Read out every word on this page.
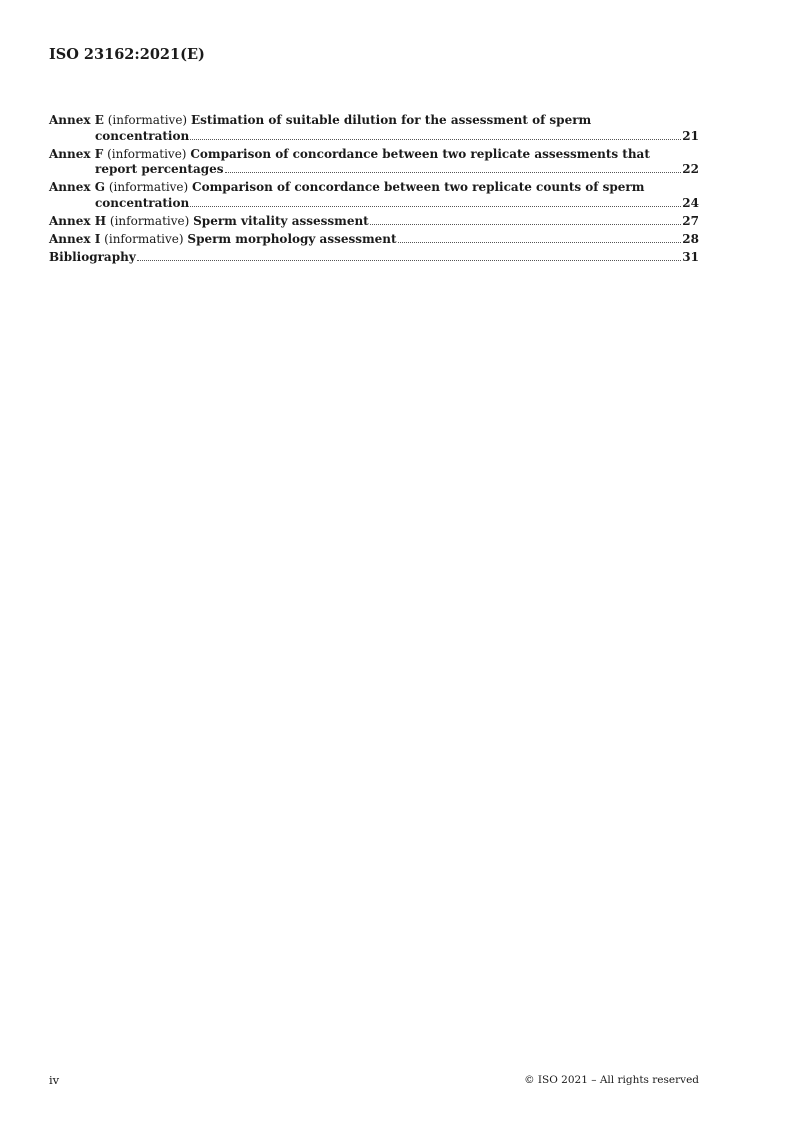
ISO 23162:2021(E)
Annex E (informative) Estimation of suitable dilution for the assessment of sperm
concentration	21
Annex F (informative) Comparison of concordance between two replicate assessments that
report percentages	22
Annex G (informative) Comparison of concordance between two replicate counts of sperm
concentration	24
Annex H
(informative)
Sperm vitality assessment	27
Annex I
(informative)
Sperm morphology assessment	28
Bibliography	31
iv	© ISO 2021 – All rights reserved
